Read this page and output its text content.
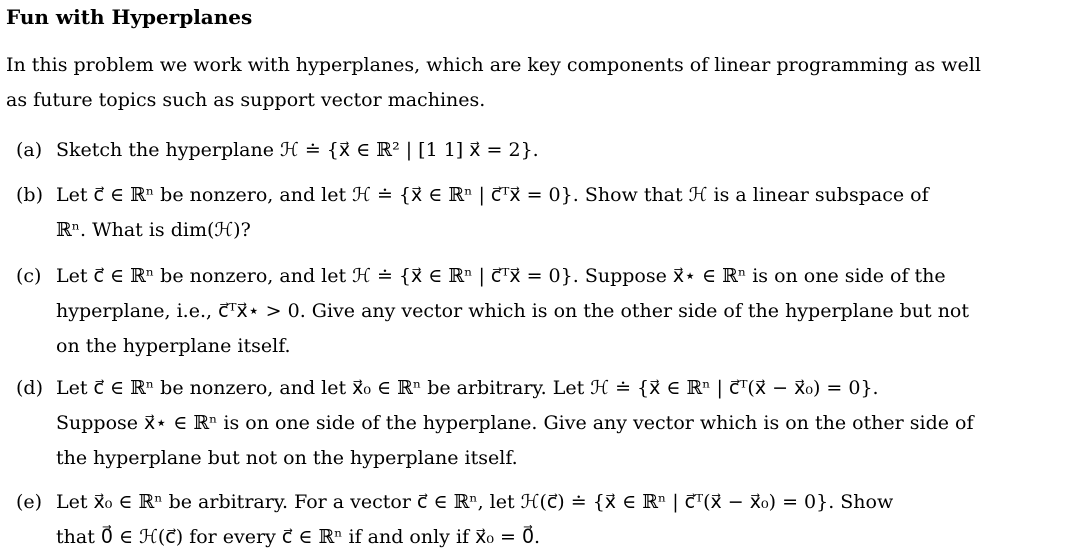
Fun with Hyperplanes
In this problem we work with hyperplanes, which are key components of linear programming as well
as future topics such as support vector machines.
(a) Sketch the hyperplane ℋ ≐ {x⃗ ∈ ℝ² | [1 1] x⃗ = 2}.
(b) Let c⃗ ∈ ℝⁿ be nonzero, and let ℋ ≐ {x⃗ ∈ ℝⁿ | c⃗ᵀx⃗ = 0}. Show that ℋ is a linear subspace of
ℝⁿ. What is dim(ℋ)?
(c) Let c⃗ ∈ ℝⁿ be nonzero, and let ℋ ≐ {x⃗ ∈ ℝⁿ | c⃗ᵀx⃗ = 0}. Suppose x⃗⋆ ∈ ℝⁿ is on one side of the
hyperplane, i.e., c⃗ᵀx⃗⋆ > 0. Give any vector which is on the other side of the hyperplane but not
on the hyperplane itself.
(d) Let c⃗ ∈ ℝⁿ be nonzero, and let x⃗₀ ∈ ℝⁿ be arbitrary. Let ℋ ≐ {x⃗ ∈ ℝⁿ | c⃗ᵀ(x⃗ − x⃗₀) = 0}.
Suppose x⃗⋆ ∈ ℝⁿ is on one side of the hyperplane. Give any vector which is on the other side of
the hyperplane but not on the hyperplane itself.
(e) Let x⃗₀ ∈ ℝⁿ be arbitrary. For a vector c⃗ ∈ ℝⁿ, let ℋ(c⃗) ≐ {x⃗ ∈ ℝⁿ | c⃗ᵀ(x⃗ − x⃗₀) = 0}. Show
that 0⃗ ∈ ℋ(c⃗) for every c⃗ ∈ ℝⁿ if and only if x⃗₀ = 0⃗.
